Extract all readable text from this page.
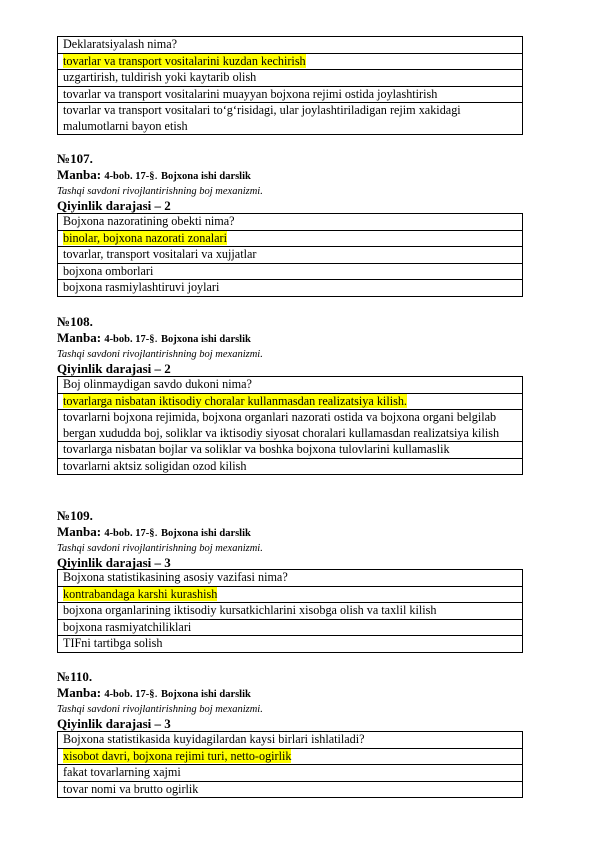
Deklaratsiyalash nima?
tovarlar va transport vositalarini kuzdan kechirish
uzgartirish, tuldirish yoki kaytarib olish
tovarlar va transport vositalarini muayyan bojxona rejimi ostida joylashtirish
tovarlar va transport vositalari to‘g‘risidagi, ular joylashtiriladigan rejim xakidagi malumotlarni bayon etish
№107.
Manba: 4-bob. 17-§. Bojxona ishi darslik
Tashqi savdoni rivojlantirishning boj mexanizmi.
Qiyinlik darajasi – 2
Bojxona nazoratining obekti nima?
binolar, bojxona nazorati zonalari
tovarlar, transport vositalari va xujjatlar
bojxona omborlari
bojxona rasmiylashtiruvi joylari
№108.
Manba: 4-bob. 17-§. Bojxona ishi darslik
Tashqi savdoni rivojlantirishning boj mexanizmi.
Qiyinlik darajasi – 2
Boj olinmaydigan savdo dukoni nima?
tovarlarga nisbatan iktisodiy choralar kullanmasdan realizatsiya kilish.
tovarlarni bojxona rejimida, bojxona organlari nazorati ostida va bojxona organi belgilab bergan xududda boj, soliklar va iktisodiy siyosat choralari kullamasdan realizatsiya kilish
tovarlarga nisbatan bojlar va soliklar va boshka bojxona tulovlarini kullamaslik
tovarlarni aktsiz soligidan ozod kilish
№109.
Manba: 4-bob. 17-§. Bojxona ishi darslik
Tashqi savdoni rivojlantirishning boj mexanizmi.
Qiyinlik darajasi – 3
Bojxona statistikasining asosiy vazifasi nima?
kontrabandaga karshi kurashish
bojxona organlarining iktisodiy kursatkichlarini xisobga olish va taxlil kilish
bojxona rasmiyatchiliklari
TIFni tartibga solish
№110.
Manba: 4-bob. 17-§. Bojxona ishi darslik
Tashqi savdoni rivojlantirishning boj mexanizmi.
Qiyinlik darajasi – 3
Bojxona statistikasida kuyidagilardan kaysi birlari ishlatiladi?
xisobot davri, bojxona rejimi turi, netto-ogirlik
fakat tovarlarning xajmi
tovar nomi va brutto ogirlik
